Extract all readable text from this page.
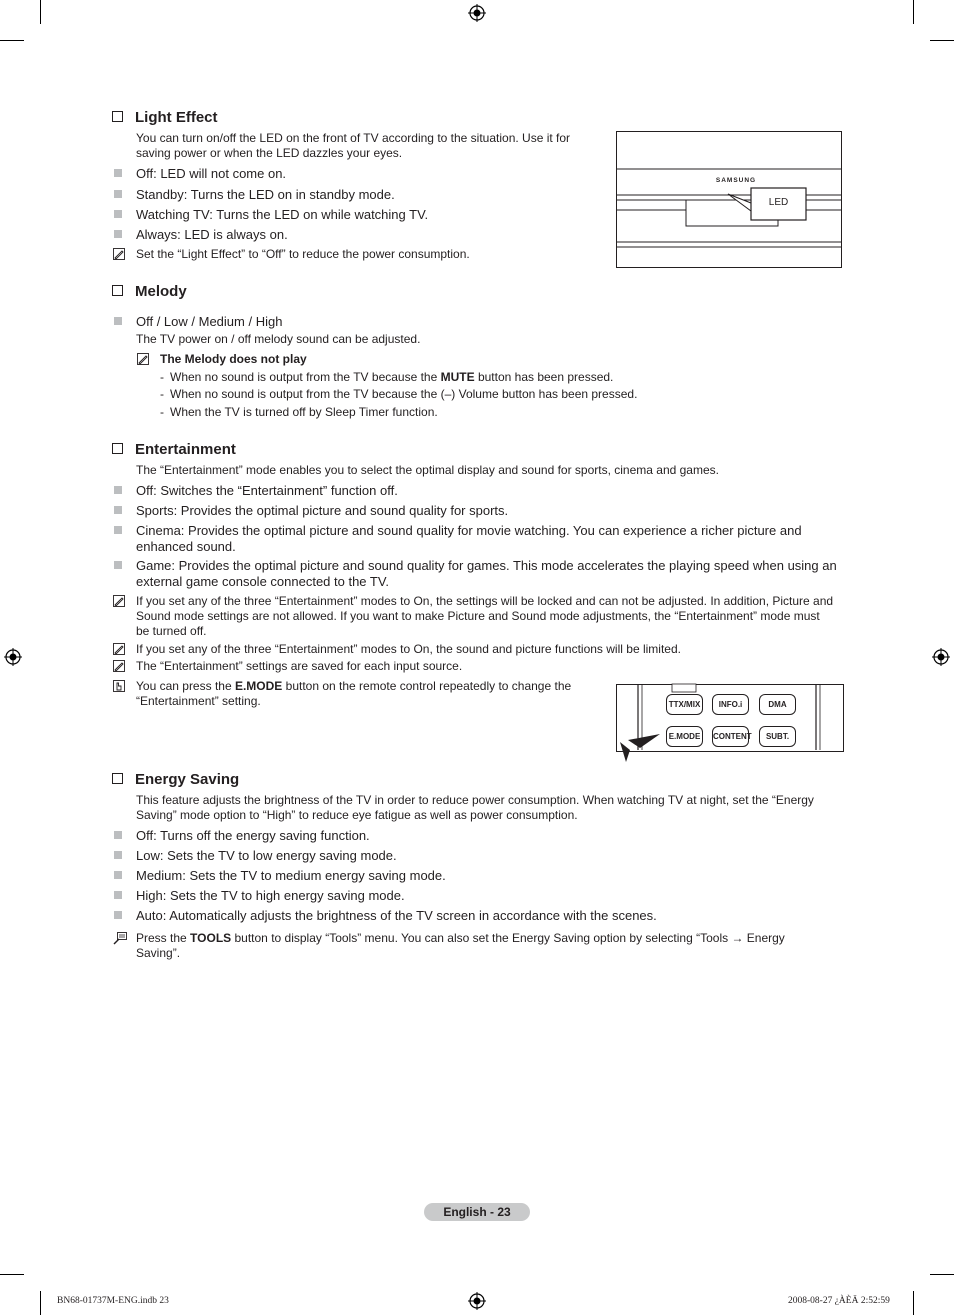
Light Effect
You can turn on/off the LED on the front of TV according to the situation. Use it for saving power or when the LED dazzles your eyes.
Off: LED will not come on.
Standby: Turns the LED on in standby mode.
Watching TV: Turns the LED on while watching TV.
Always: LED is always on.
Set the “Light Effect” to “Off” to reduce the power consumption.
SAMSUNG
LED
Melody
Off / Low / Medium / High
The TV power on / off melody sound can be adjusted.
The Melody does not play
- When no sound is output from the TV because the MUTE button has been pressed.
- When no sound is output from the TV because the (–) Volume button has been pressed.
- When the TV is turned off by Sleep Timer function.
Entertainment
The “Entertainment” mode enables you to select the optimal display and sound for sports, cinema and games.
Off: Switches the “Entertainment” function off.
Sports: Provides the optimal picture and sound quality for sports.
Cinema: Provides the optimal picture and sound quality for movie watching. You can experience a richer picture and enhanced sound.
Game: Provides the optimal picture and sound quality for games. This mode accelerates the playing speed when using an external game console connected to the TV.
If you set any of the three “Entertainment” modes to On, the settings will be locked and can not be adjusted. In addition, Picture and Sound mode settings are not allowed. If you want to make Picture and Sound mode adjustments, the “Entertainment” mode must be turned off.
If you set any of the three “Entertainment” modes to On, the sound and picture functions will be limited.
The “Entertainment” settings are saved for each input source.
You can press the E.MODE button on the remote control repeatedly to change the “Entertainment” setting.	TTX/MIX	INFO.i	DMA
E.MODE	CONTENT	SUBT.
Energy Saving
This feature adjusts the brightness of the TV in order to reduce power consumption. When watching TV at night, set the “Energy Saving” mode option to “High” to reduce eye fatigue as well as power consumption.
Off: Turns off the energy saving function.
Low: Sets the TV to low energy saving mode.
Medium: Sets the TV to medium energy saving mode.
High: Sets the TV to high energy saving mode.
Auto: Automatically adjusts the brightness of the TV screen in accordance with the scenes.
Press the TOOLS button to display “Tools” menu. You can also set the Energy Saving option by selecting “Tools → Energy Saving”.
English - 23
BN68-01737M-ENG.indb 23	2008-08-27 ¿ÀÈÄ 2:52:59
